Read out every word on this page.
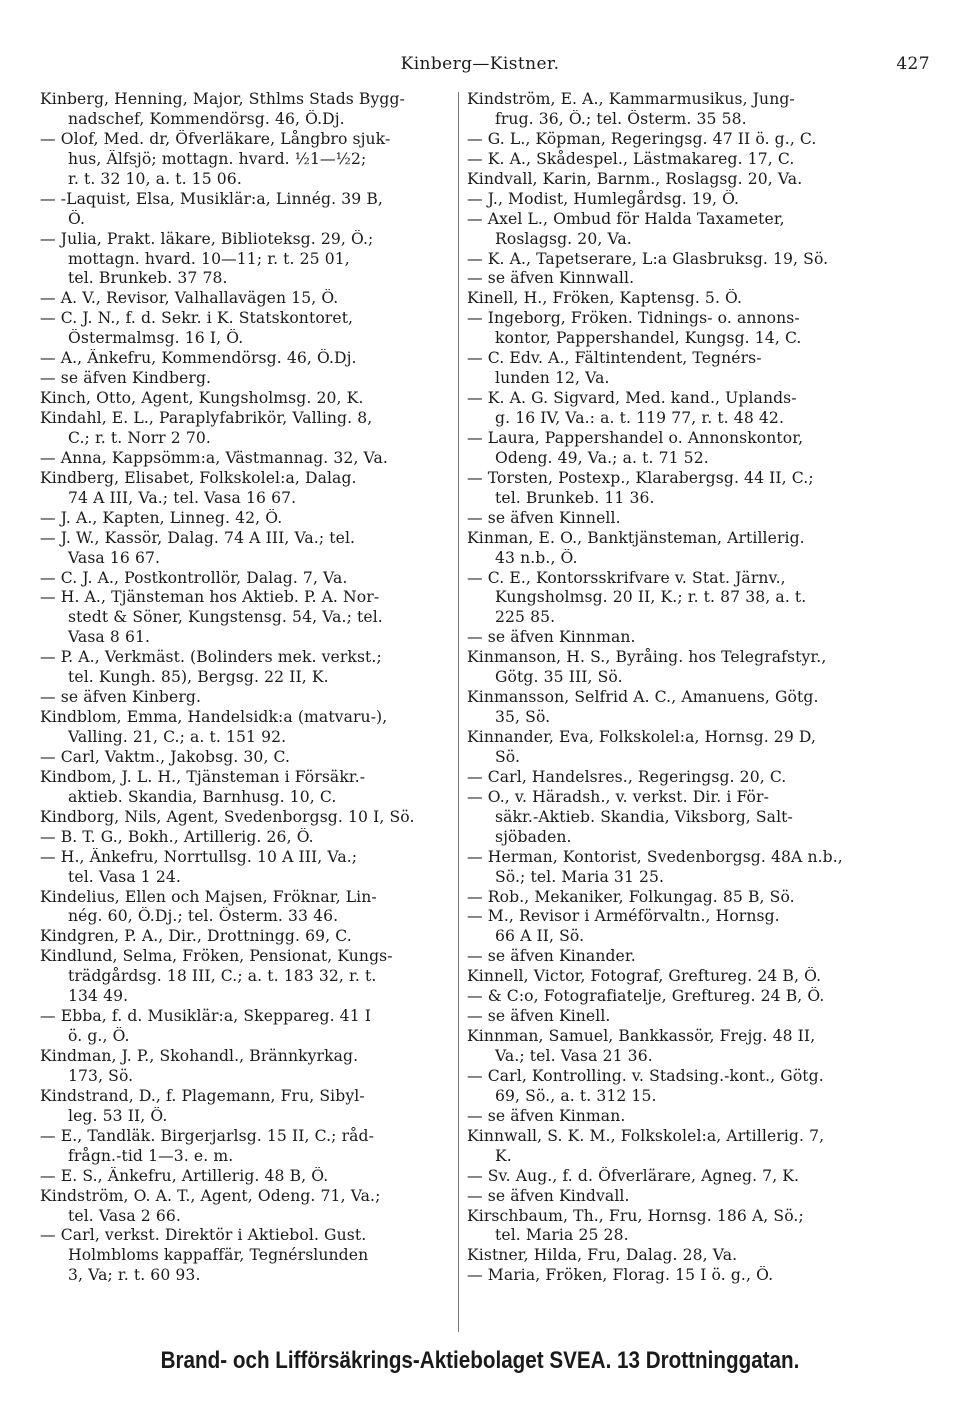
Kinberg—Kistner.	427
Kinberg, Henning, Major, Sthlms Stads Bygg-
nadschef, Kommendörsg. 46, Ö.Dj.
— Olof, Med. dr, Öfverläkare, Långbro sjuk-
hus, Älfsjö; mottagn. hvard. ½1—½2;
r. t. 32 10, a. t. 15 06.
— -Laquist, Elsa, Musiklär:a, Linnég. 39 B,
Ö.
— Julia, Prakt. läkare, Biblioteksg. 29, Ö.;
mottagn. hvard. 10—11; r. t. 25 01,
tel. Brunkeb. 37 78.
— A. V., Revisor, Valhallavägen 15, Ö.
— C. J. N., f. d. Sekr. i K. Statskontoret,
Östermalmsg. 16 I, Ö.
— A., Änkefru, Kommendörsg. 46, Ö.Dj.
— se äfven Kindberg.
Kinch, Otto, Agent, Kungsholmsg. 20, K.
Kindahl, E. L., Paraplyfabrikör, Valling. 8,
C.; r. t. Norr 2 70.
— Anna, Kappsömm:a, Västmannag. 32, Va.
Kindberg, Elisabet, Folkskolel:a, Dalag.
74 A III, Va.; tel. Vasa 16 67.
— J. A., Kapten, Linneg. 42, Ö.
— J. W., Kassör, Dalag. 74 A III, Va.; tel.
Vasa 16 67.
— C. J. A., Postkontrollör, Dalag. 7, Va.
— H. A., Tjänsteman hos Aktieb. P. A. Nor-
stedt & Söner, Kungstensg. 54, Va.; tel.
Vasa 8 61.
— P. A., Verkmäst. (Bolinders mek. verkst.;
tel. Kungh. 85), Bergsg. 22 II, K.
— se äfven Kinberg.
Kindblom, Emma, Handelsidk:a (matvaru-),
Valling. 21, C.; a. t. 151 92.
— Carl, Vaktm., Jakobsg. 30, C.
Kindbom, J. L. H., Tjänsteman i Försäkr.-
aktieb. Skandia, Barnhusg. 10, C.
Kindborg, Nils, Agent, Svedenborgsg. 10 I, Sö.
— B. T. G., Bokh., Artillerig. 26, Ö.
— H., Änkefru, Norrtullsg. 10 A III, Va.;
tel. Vasa 1 24.
Kindelius, Ellen och Majsen, Fröknar, Lin-
nég. 60, Ö.Dj.; tel. Österm. 33 46.
Kindgren, P. A., Dir., Drottningg. 69, C.
Kindlund, Selma, Fröken, Pensionat, Kungs-
trädgårdsg. 18 III, C.; a. t. 183 32, r. t.
134 49.
— Ebba, f. d. Musiklär:a, Skeppareg. 41 I
ö. g., Ö.
Kindman, J. P., Skohandl., Brännkyrkag.
173, Sö.
Kindstrand, D., f. Plagemann, Fru, Sibyl-
leg. 53 II, Ö.
— E., Tandläk. Birgerjarlsg. 15 II, C.; råd-
frågn.-tid 1—3. e. m.
— E. S., Änkefru, Artillerig. 48 B, Ö.
Kindström, O. A. T., Agent, Odeng. 71, Va.;
tel. Vasa 2 66.
— Carl, verkst. Direktör i Aktiebol. Gust.
Holmbloms kappaffär, Tegnérslunden
3, Va; r. t. 60 93.
Kindström, E. A., Kammarmusikus, Jung-
frug. 36, Ö.; tel. Österm. 35 58.
— G. L., Köpman, Regeringsg. 47 II ö. g., C.
— K. A., Skådespel., Lästmakareg. 17, C.
Kindvall, Karin, Barnm., Roslagsg. 20, Va.
— J., Modist, Humlegårdsg. 19, Ö.
— Axel L., Ombud för Halda Taxameter,
Roslagsg. 20, Va.
— K. A., Tapetserare, L:a Glasbruksg. 19, Sö.
— se äfven Kinnwall.
Kinell, H., Fröken, Kaptensg. 5. Ö.
— Ingeborg, Fröken. Tidnings- o. annons-
kontor, Pappershandel, Kungsg. 14, C.
— C. Edv. A., Fältintendent, Tegnérs-
lunden 12, Va.
— K. A. G. Sigvard, Med. kand., Uplands-
g. 16 IV, Va.: a. t. 119 77, r. t. 48 42.
— Laura, Pappershandel o. Annonskontor,
Odeng. 49, Va.; a. t. 71 52.
— Torsten, Postexp., Klarabergsg. 44 II, C.;
tel. Brunkeb. 11 36.
— se äfven Kinnell.
Kinman, E. O., Banktjänsteman, Artillerig.
43 n.b., Ö.
— C. E., Kontorsskrifvare v. Stat. Järnv.,
Kungsholmsg. 20 II, K.; r. t. 87 38, a. t.
225 85.
— se äfven Kinnman.
Kinmanson, H. S., Byråing. hos Telegrafstyr.,
Götg. 35 III, Sö.
Kinmansson, Selfrid A. C., Amanuens, Götg.
35, Sö.
Kinnander, Eva, Folkskolel:a, Hornsg. 29 D,
Sö.
— Carl, Handelsres., Regeringsg. 20, C.
— O., v. Häradsh., v. verkst. Dir. i För-
säkr.-Aktieb. Skandia, Viksborg, Salt-
sjöbaden.
— Herman, Kontorist, Svedenborgsg. 48A n.b.,
Sö.; tel. Maria 31 25.
— Rob., Mekaniker, Folkungag. 85 B, Sö.
— M., Revisor i Arméförvaltn., Hornsg.
66 A II, Sö.
— se äfven Kinander.
Kinnell, Victor, Fotograf, Greftureg. 24 B, Ö.
— & C:o, Fotografiatelje, Greftureg. 24 B, Ö.
— se äfven Kinell.
Kinnman, Samuel, Bankkassör, Frejg. 48 II,
Va.; tel. Vasa 21 36.
— Carl, Kontrolling. v. Stadsing.-kont., Götg.
69, Sö., a. t. 312 15.
— se äfven Kinman.
Kinnwall, S. K. M., Folkskolel:a, Artillerig. 7,
K.
— Sv. Aug., f. d. Öfverlärare, Agneg. 7, K.
— se äfven Kindvall.
Kirschbaum, Th., Fru, Hornsg. 186 A, Sö.;
tel. Maria 25 28.
Kistner, Hilda, Fru, Dalag. 28, Va.
— Maria, Fröken, Florag. 15 I ö. g., Ö.
Brand- och Lifförsäkrings-Aktiebolaget SVEA. 13 Drottninggatan.
